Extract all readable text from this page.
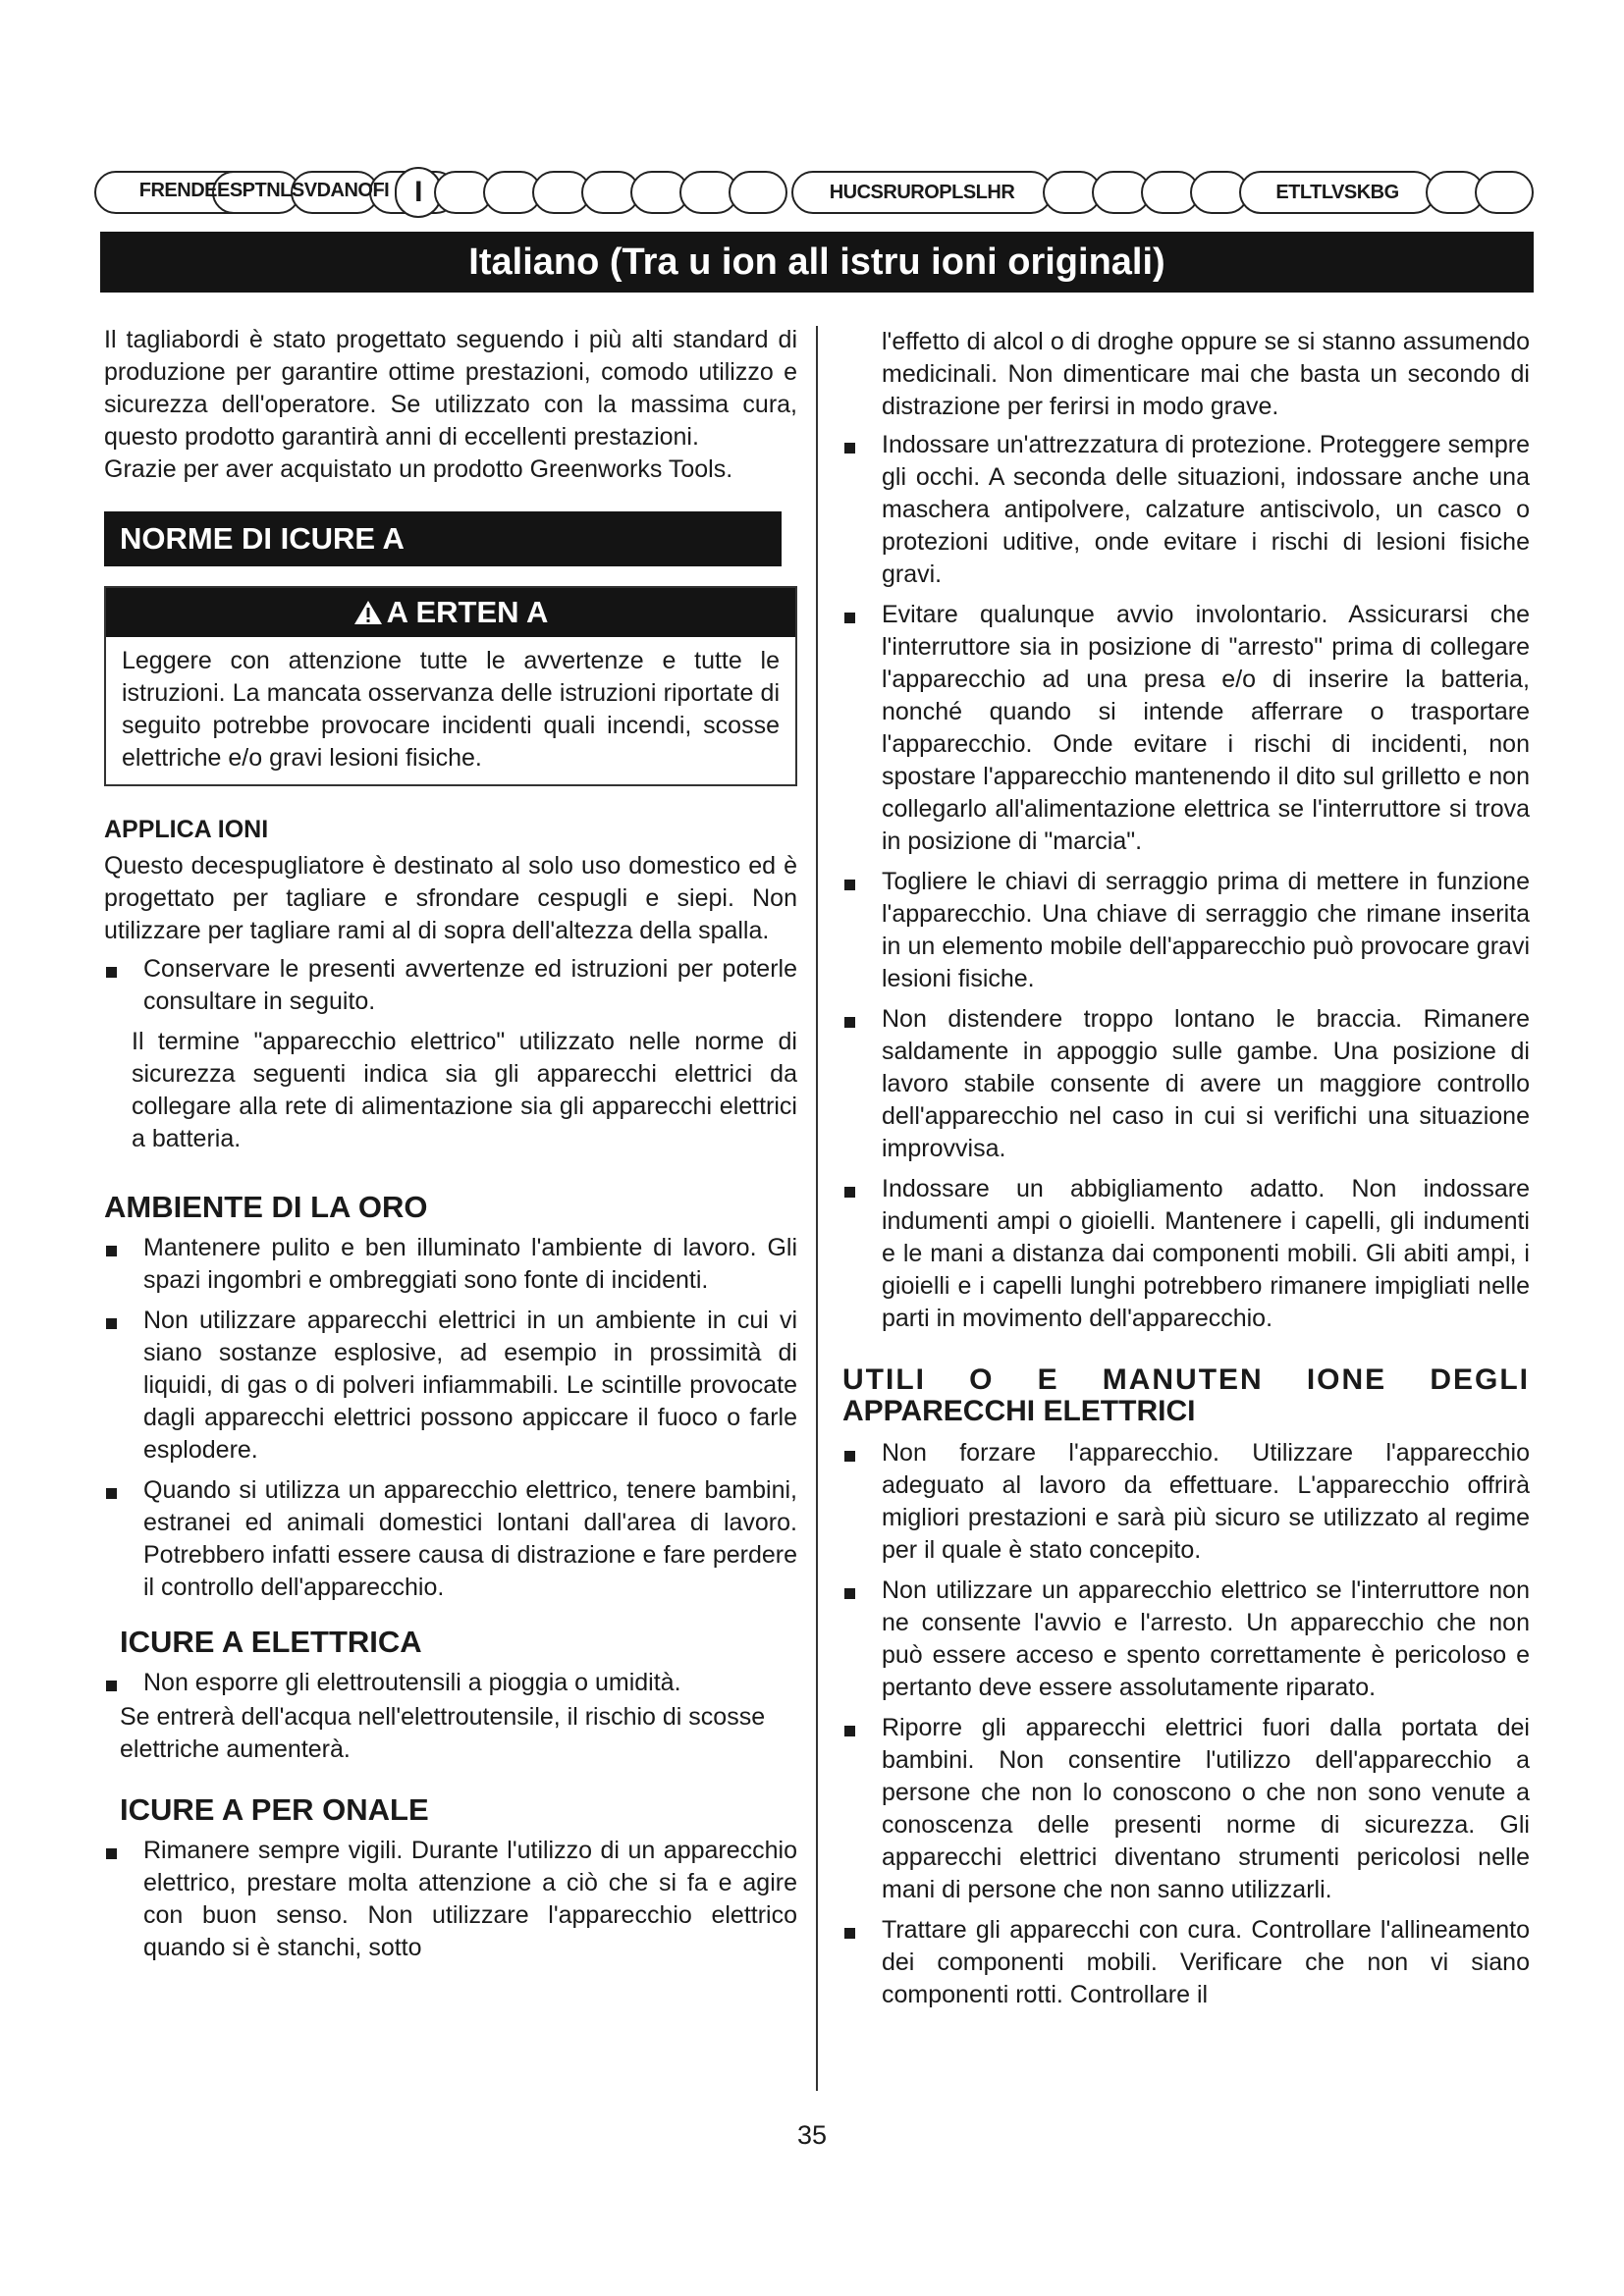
FRENDEESPTNLSVDANOFI I	HUCSRUROPLSLHR	ETLTLVSKBG
Italiano (Tra u ion all istru ioni originali)

Il tagliabordi è stato progettato seguendo i più alti standard di produzione per garantire ottime prestazioni, comodo utilizzo e sicurezza dell'operatore. Se utilizzato con la massima cura, questo prodotto garantirà anni di eccellenti prestazioni.

Grazie per aver acquistato un prodotto Greenworks Tools.

NORME DI ICURE A
A ERTEN A
Leggere con attenzione tutte le avvertenze e tutte le istruzioni. La mancata osservanza delle istruzioni riportate di seguito potrebbe provocare incidenti quali incendi, scosse elettriche e/o gravi lesioni fisiche.
APPLICA IONI

Questo decespugliatore è destinato al solo uso domestico ed è progettato per tagliare e sfrondare cespugli e siepi. Non utilizzare per tagliare rami al di sopra dell'altezza della spalla.

Conservare le presenti avvertenze ed istruzioni per poterle consultare in seguito.

Il termine "apparecchio elettrico" utilizzato nelle norme di sicurezza seguenti indica sia gli apparecchi elettrici da collegare alla rete di alimentazione sia gli apparecchi elettrici a batteria.

AMBIENTE DI LA ORO
Mantenere pulito e ben illuminato l'ambiente di lavoro. Gli spazi ingombri e ombreggiati sono fonte di incidenti.
Non utilizzare apparecchi elettrici in un ambiente in cui vi siano sostanze esplosive, ad esempio in prossimità di liquidi, di gas o di polveri infiammabili. Le scintille provocate dagli apparecchi elettrici possono appiccare il fuoco o farle esplodere.
Quando si utilizza un apparecchio elettrico, tenere bambini, estranei ed animali domestici lontani dall'area di lavoro. Potrebbero infatti essere causa di distrazione e fare perdere il controllo dell'apparecchio.
ICURE A ELETTRICA
Non esporre gli elettroutensili a pioggia o umidità.

Se entrerà dell'acqua nell'elettroutensile, il rischio di scosse elettriche aumenterà.

ICURE A PER ONALE
Rimanere sempre vigili. Durante l'utilizzo di un apparecchio elettrico, prestare molta attenzione a ciò che si fa e agire con buon senso. Non utilizzare l'apparecchio elettrico quando si è stanchi, sotto

l'effetto di alcol o di droghe oppure se si stanno assumendo medicinali. Non dimenticare mai che basta un secondo di distrazione per ferirsi in modo grave.

Indossare un'attrezzatura di protezione. Proteggere sempre gli occhi. A seconda delle situazioni, indossare anche una maschera antipolvere, calzature antiscivolo, un casco o protezioni uditive, onde evitare i rischi di lesioni fisiche gravi.
Evitare qualunque avvio involontario. Assicurarsi che l'interruttore sia in posizione di "arresto" prima di collegare l'apparecchio ad una presa e/o di inserire la batteria, nonché quando si intende afferrare o trasportare l'apparecchio. Onde evitare i rischi di incidenti, non spostare l'apparecchio mantenendo il dito sul grilletto e non collegarlo all'alimentazione elettrica se l'interruttore si trova in posizione di "marcia".
Togliere le chiavi di serraggio prima di mettere in funzione l'apparecchio. Una chiave di serraggio che rimane inserita in un elemento mobile dell'apparecchio può provocare gravi lesioni fisiche.
Non distendere troppo lontano le braccia. Rimanere saldamente in appoggio sulle gambe. Una posizione di lavoro stabile consente di avere un maggiore controllo dell'apparecchio nel caso in cui si verifichi una situazione improvvisa.
Indossare un abbigliamento adatto. Non indossare indumenti ampi o gioielli. Mantenere i capelli, gli indumenti e le mani a distanza dai componenti mobili. Gli abiti ampi, i gioielli e i capelli lunghi potrebbero rimanere impigliati nelle parti in movimento dell'apparecchio.
UTILI O E MANUTEN IONE DEGLI
APPARECCHI ELETTRICI
Non forzare l'apparecchio. Utilizzare l'apparecchio adeguato al lavoro da effettuare. L'apparecchio offrirà migliori prestazioni e sarà più sicuro se utilizzato al regime per il quale è stato concepito.
Non utilizzare un apparecchio elettrico se l'interruttore non ne consente l'avvio e l'arresto. Un apparecchio che non può essere acceso e spento correttamente è pericoloso e pertanto deve essere assolutamente riparato.
Riporre gli apparecchi elettrici fuori dalla portata dei bambini. Non consentire l'utilizzo dell'apparecchio a persone che non lo conoscono o che non sono venute a conoscenza delle presenti norme di sicurezza. Gli apparecchi elettrici diventano strumenti pericolosi nelle mani di persone che non sanno utilizzarli.
Trattare gli apparecchi con cura. Controllare l'allineamento dei componenti mobili. Verificare che non vi siano componenti rotti. Controllare il
35
